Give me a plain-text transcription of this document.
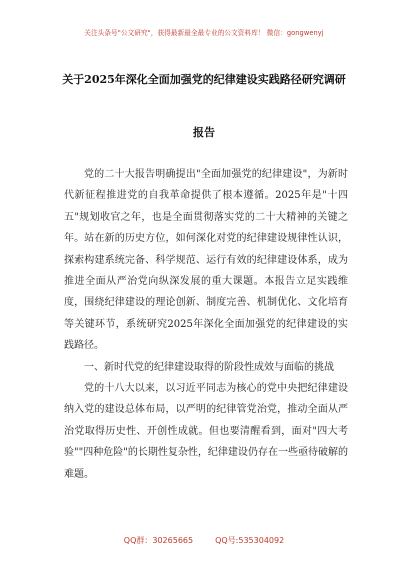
关注头条号"公文研究"，获得最新最全最专业的公文资料库！ 微信：gongwenyj
关于2025年深化全面加强党的纪律建设实践路径研究调研
报告

党的二十大报告明确提出"全面加强党的纪律建设"，为新时代新征程推进党的自我革命提供了根本遵循。2025年是"十四五"规划收官之年，也是全面贯彻落实党的二十大精神的关键之年。站在新的历史方位，如何深化对党的纪律建设规律性认识，探索构建系统完备、科学规范、运行有效的纪律建设体系，成为推进全面从严治党向纵深发展的重大课题。本报告立足实践维度，围绕纪律建设的理论创新、制度完善、机制优化、文化培育等关键环节，系统研究2025年深化全面加强党的纪律建设的实践路径。

一、新时代党的纪律建设取得的阶段性成效与面临的挑战

党的十八大以来，以习近平同志为核心的党中央把纪律建设纳入党的建设总体布局，以严明的纪律管党治党，推动全面从严治党取得历史性、开创性成就。但也要清醒看到，面对"四大考验""四种危险"的长期性复杂性，纪律建设仍存在一些亟待破解的难题。

QQ群：30265665	QQ号:535304092
